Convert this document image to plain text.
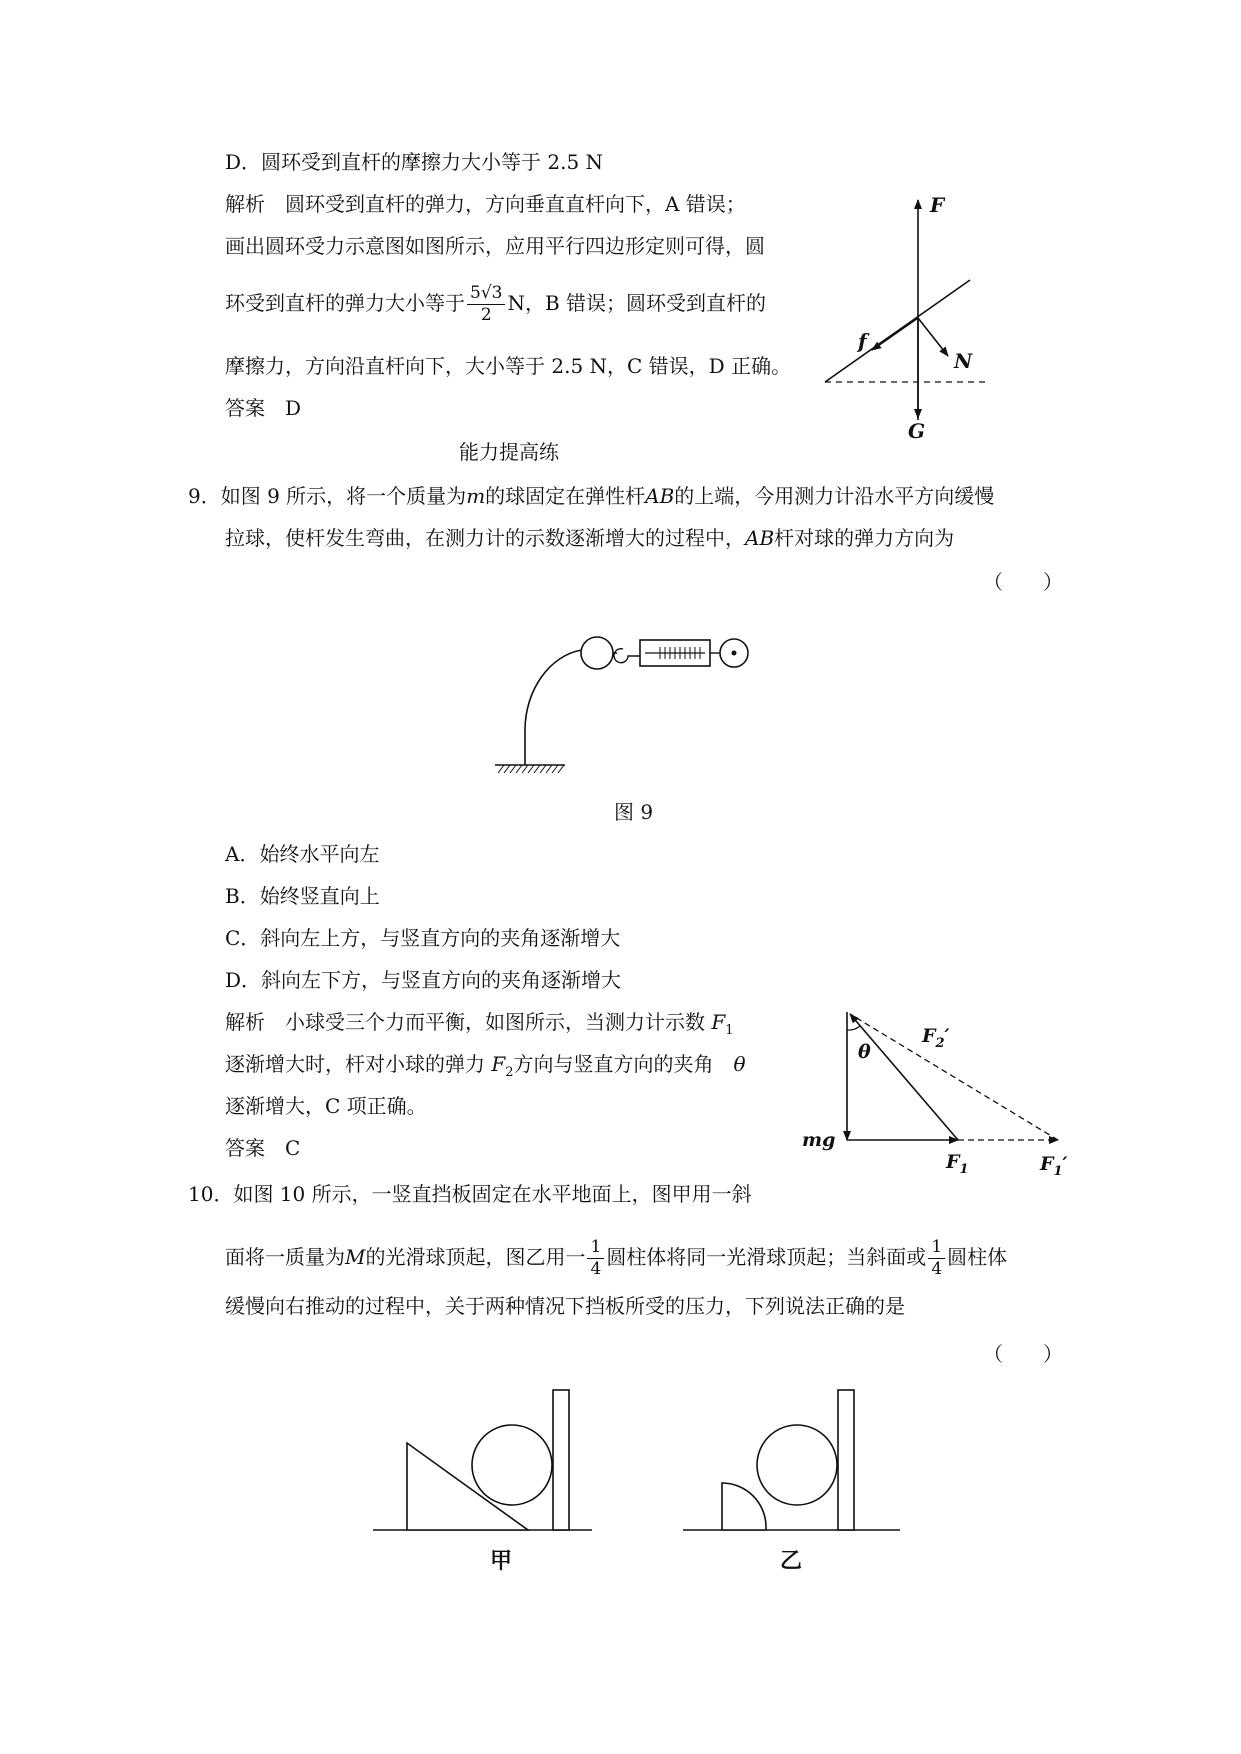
D．圆环受到直杆的摩擦力大小等于 2.5 N
解析　 圆环受到直杆的弹力，方向垂直直杆向下，A 错误；
画出圆环受力示意图如图所示，应用平行四边形定则可得，圆
环受到直杆的弹力大小等于 $\frac{5√3}{2}$ N，B 错误；圆环受到直杆的
摩擦力，方向沿直杆向下，大小等于 2.5 N，C 错误，D 正确。
答案　 D
F
f
N
G
能力提高练
9．如图 9 所示，将一个质量为m的球固定在弹性杆AB的上端，今用测力计沿水平方向缓慢
拉球，使杆发生弯曲，在测力计的示数逐渐增大的过程中，AB杆对球的弹力方向为
（　　）
图 9
A．始终水平向左
B．始终竖直向上
C．斜向左上方，与竖直方向的夹角逐渐增大
D．斜向左下方，与竖直方向的夹角逐渐增大
解析　 小球受三个力而平衡，如图所示，当测力计示数 $F_1$
逐渐增大时，杆对小球的弹力 $F_2$方向与竖直方向的夹角　 θ
逐渐增大，C 项正确。
答案　 C
θ
$F_2'$
mg
$F_1$	$F_1'$
10．如图 10 所示，一竖直挡板固定在水平地面上，图甲用一斜
面将一质量为M的光滑球顶起，图乙用一 $\frac{1}{4}$ 圆柱体将同一光滑球顶起；当斜面或 $\frac{1}{4}$ 圆柱体
缓慢向右推动的过程中，关于两种情况下挡板所受的压力，下列说法正确的是
（　　）
甲	乙
